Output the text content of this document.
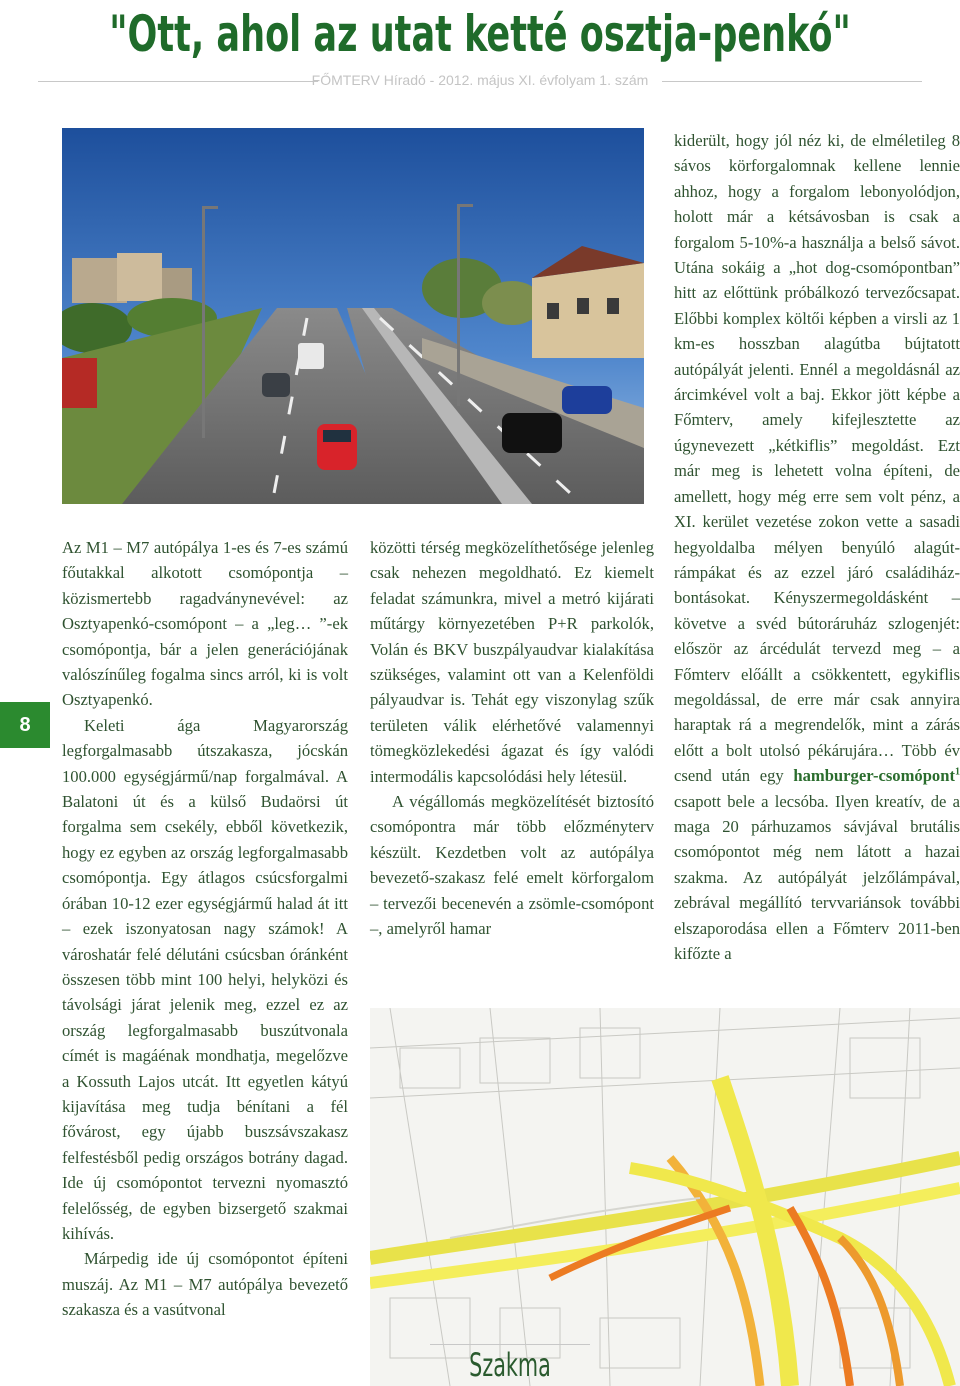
"Ott, ahol az utat ketté osztja-penkó"
FŐMTERV Híradó - 2012. május XI. évfolyam 1. szám
8

Az M1 – M7 autópálya 1-es és 7-es számú főutakkal alkotott csomópontja – közismertebb ragadványnevével: az Osztyapenkó-csomópont – a „leg… ”-ek csomópontja, bár a jelen generációjának valószínűleg fogalma sincs arról, ki is volt Osztyapenkó.

Keleti ága Magyarország legforgalmasabb útszakasza, jócskán 100.000 egységjármű/nap forgalmával. A Balatoni út és a külső Budaörsi út forgalma sem csekély, ebből következik, hogy ez egyben az ország legforgalmasabb csomópontja. Egy átlagos csúcsforgalmi órában 10-12 ezer egységjármű halad át itt – ezek iszonyatosan nagy számok! A városhatár felé délutáni csúcsban óránként összesen több mint 100 helyi, helyközi és távolsági járat jelenik meg, ezzel ez az ország legforgalmasabb buszútvonala címét is magáénak mondhatja, megelőzve a Kossuth Lajos utcát. Itt egyetlen kátyú kijavítása meg tudja bénítani a fél fővárost, egy újabb buszsávszakasz felfestésből pedig országos botrány dagad. Ide új csomópontot tervezni nyomasztó felelősség, de egyben bizsergető szakmai kihívás.

Márpedig ide új csomópontot építeni muszáj. Az M1 – M7 autópálya bevezető szakasza és a vasútvonal

közötti térség megközelíthetősége jelenleg csak nehezen megoldható. Ez kiemelt feladat számunkra, mivel a metró kijárati műtárgy környezetében P+R parkolók, Volán és BKV buszpályaudvar kialakítása szükséges, valamint ott van a Kelenföldi pályaudvar is. Tehát egy viszonylag szűk területen válik elérhetővé valamennyi tömegközlekedési ágazat és így valódi intermodális kapcsolódási hely létesül.

A végállomás megközelítését biztosító csomópontra már több előzményterv készült. Kezdetben volt az autópálya bevezető-szakasz felé emelt körforgalom – tervezői becenevén a zsömle-csomópont –, amelyről hamar

kiderült, hogy jól néz ki, de elméletileg 8 sávos körforgalomnak kellene lennie ahhoz, hogy a forgalom lebonyolódjon, holott már a kétsávosban is csak a forgalom 5-10%-a használja a belső sávot. Utána sokáig a „hot dog-csomópontban” hitt az előttünk próbálkozó tervezőcsapat. Előbbi komplex költői képben a virsli az 1 km-es hosszban alagútba bújtatott autópályát jelenti. Ennél a megoldásnál az árcimkével volt a baj. Ekkor jött képbe a Főmterv, amely kifejlesztette az úgynevezett „kétkiflis” megoldást. Ezt már meg is lehetett volna építeni, de amellett, hogy még erre sem volt pénz, a XI. kerület vezetése zokon vette a sasadi hegyoldalba mélyen benyúló alagút-rámpákat és az ezzel járó családiház-bontásokat. Kényszermegoldásként – követve a svéd bútoráruház szlogenjét: először az árcédulát tervezd meg – a Főmterv előállt a csökkentett, egykiflis megoldással, de erre már csak annyira haraptak rá a megrendelők, mint a zárás előtt a bolt utolsó pékárujára… Több év csend után egy hamburger-csomópont$^1$ csapott bele a lecsóba. Ilyen kreatív, de a maga 20 párhuzamos sávjával brutális csomópontot még nem látott a hazai szakma. Az autópályát jelzőlámpával, zebrával megállító tervvariánsok további elszaporodása ellen a Főmterv 2011-ben kifőzte a

Szakma
